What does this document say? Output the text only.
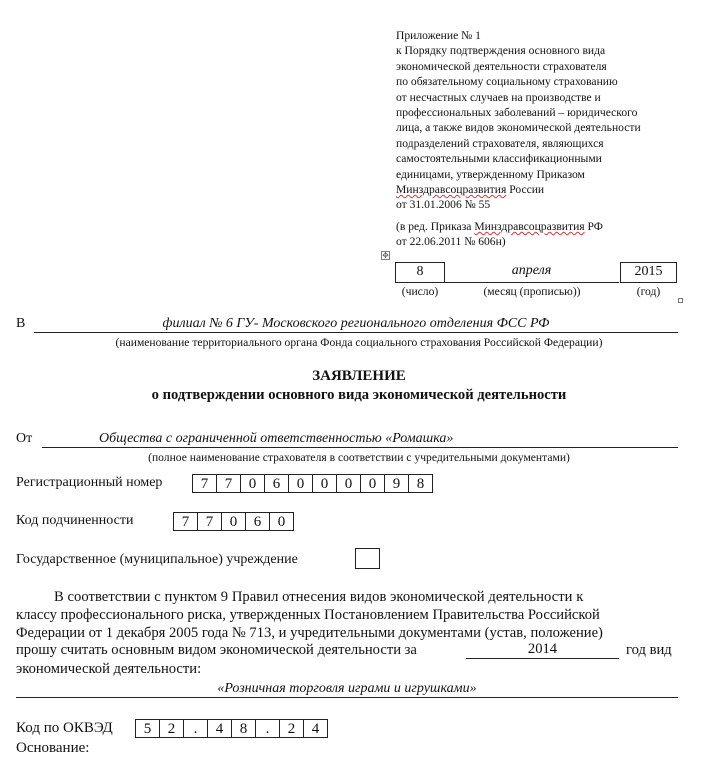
Приложение № 1
к Порядку подтверждения основного вида
экономической деятельности страхователя
по обязательному социальному страхованию
от несчастных случаев на производстве и
профессиональных заболеваний – юридического
лица, а также видов экономической деятельности
подразделений страхователя, являющихся
самостоятельными классификационными
единицами, утвержденному Приказом
Минздравсоцразвития России
от 31.01.2006 № 55
(в ред. Приказа Минздравсоцразвития РФ
от 22.06.2011 № 606н)
✥
8	апреля	2015
(число)	(месяц (прописью))	(год)
В	филиал № 6 ГУ- Московского регионального отделения ФСС РФ
(наименование территориального органа Фонда социального страхования Российской Федерации)
ЗАЯВЛЕНИЕ
о подтверждении основного вида экономической деятельности
От	Общества с ограниченной ответственностью «Ромашка»
(полное наименование страхователя в соответствии с учредительными документами)
Регистрационный номер	7	7	0	6	0	0	0	0	9	8
Код подчиненности	7	7	0	6	0
Государственное (муниципальное) учреждение
В соответствии с пунктом 9 Правил отнесения видов экономической деятельности к
классу профессионального риска, утвержденных Постановлением Правительства Российской
Федерации от 1 декабря 2005 года № 713, и учредительными документами (устав, положение)
прошу считать основным видом экономической деятельности за	2014	год вид
экономической деятельности:
«Розничная торговля играми и игрушками»
Код по ОКВЭД	5	2	.	4	8	.	2	4
Основание:
